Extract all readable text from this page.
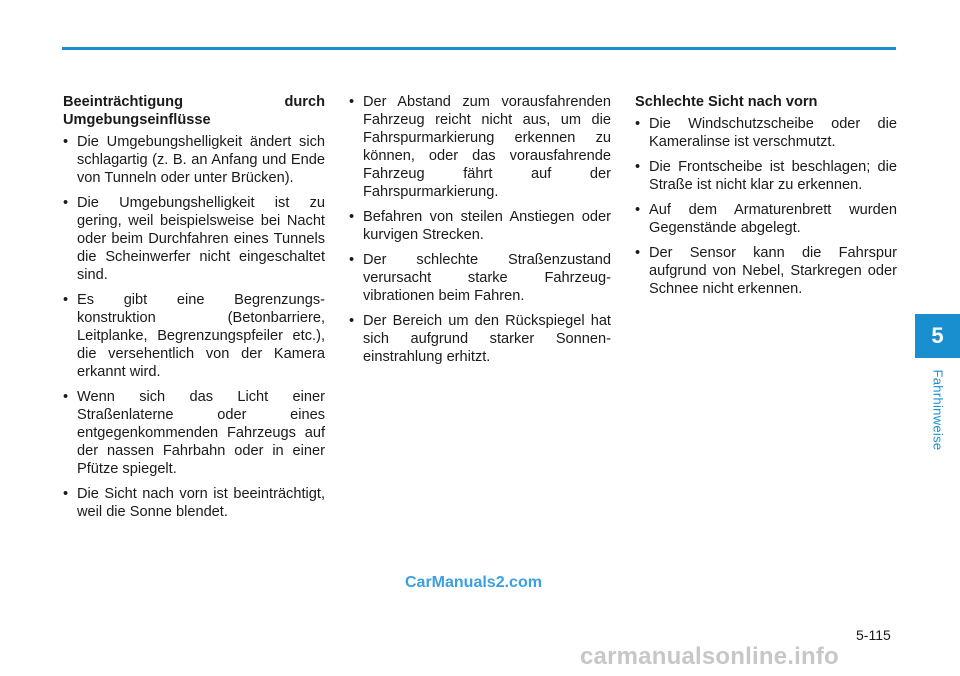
Beeinträchtigung	durch
Umgebungseinflüsse
• Die Umgebungshelligkeit ändert sich schlagartig (z. B. an Anfang und Ende von Tunneln oder unter Brücken).
• Die Umgebungshelligkeit ist zu gering, weil beispielsweise bei Nacht oder beim Durchfahren eines Tunnels die Scheinwerfer nicht eingeschaltet sind.
• Es gibt eine Begrenzungs-konstruktion (Betonbarriere, Leitplanke, Begrenzungspfeiler etc.), die versehentlich von der Kamera erkannt wird.
• Wenn sich das Licht einer Straßenlaterne oder eines entgegenkommenden Fahrzeugs auf der nassen Fahrbahn oder in einer Pfütze spiegelt.
• Die Sicht nach vorn ist beeinträchtigt, weil die Sonne blendet.
• Der Abstand zum vorausfahrenden Fahrzeug reicht nicht aus, um die Fahrspurmarkierung erkennen zu können, oder das vorausfahrende Fahrzeug fährt auf der Fahrspurmarkierung.
• Befahren von steilen Anstiegen oder kurvigen Strecken.
• Der schlechte Straßenzustand verursacht starke Fahrzeug-vibrationen beim Fahren.
• Der Bereich um den Rückspiegel hat sich aufgrund starker Sonnen-einstrahlung erhitzt.
Schlechte Sicht nach vorn
• Die Windschutzscheibe oder die Kameralinse ist verschmutzt.
• Die Frontscheibe ist beschlagen; die Straße ist nicht klar zu erkennen.
• Auf dem Armaturenbrett wurden Gegenstände abgelegt.
• Der Sensor kann die Fahrspur aufgrund von Nebel, Starkregen oder Schnee nicht erkennen.
5
Fahrhinweise
CarManuals2.com
5-115
carmanualsonline.info
